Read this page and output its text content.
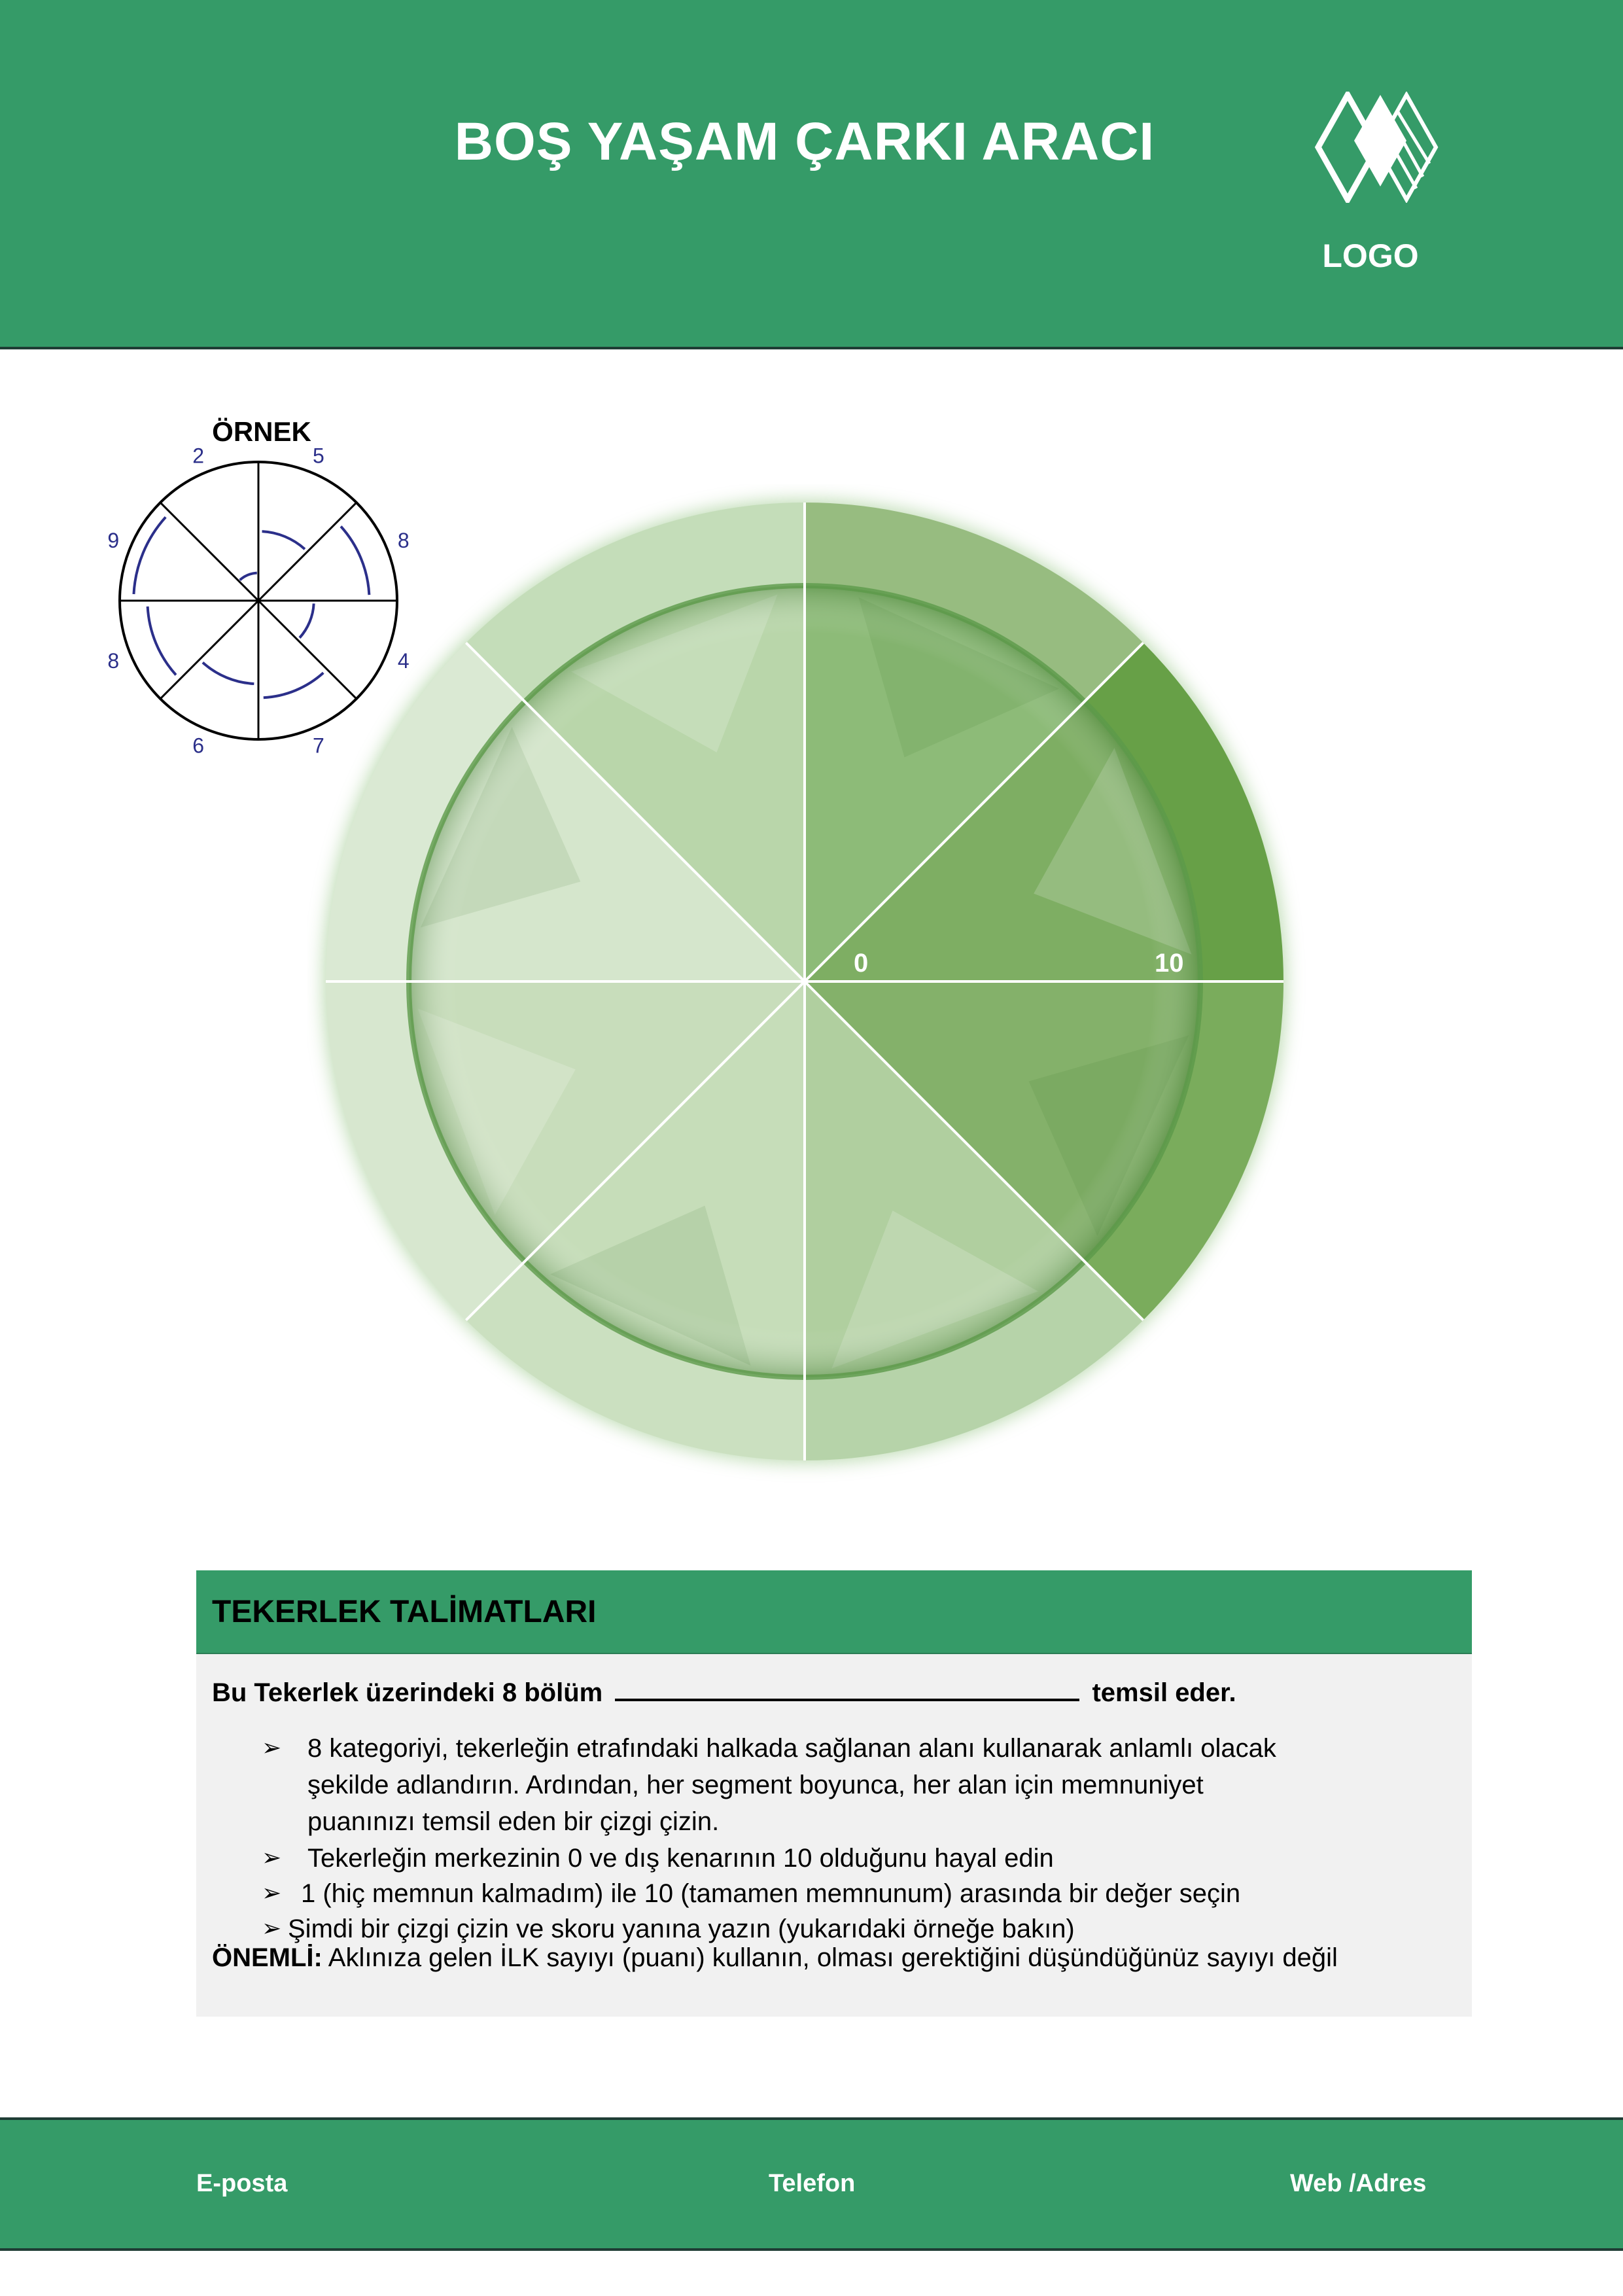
BOŞ YAŞAM ÇARKI ARACI
LOGO
ÖRNEK
5
8
4
7
6
8
9
2
0	10
TEKERLEK TALİMATLARI
Bu Tekerlek üzerindeki 8 bölüm	temsil eder.
➢ 8 kategoriyi, tekerleğin etrafındaki halkada sağlanan alanı kullanarak anlamlı olacak
şekilde adlandırın. Ardından, her segment boyunca, her alan için memnuniyet
puanınızı temsil eden bir çizgi çizin.
➢ Tekerleğin merkezinin 0 ve dış kenarının 10 olduğunu hayal edin
➢ 1 (hiç memnun kalmadım) ile 10 (tamamen memnunum) arasında bir değer seçin
➢ Şimdi bir çizgi çizin ve skoru yanına yazın (yukarıdaki örneğe bakın)
ÖNEMLİ: Aklınıza gelen İLK sayıyı (puanı) kullanın, olması gerektiğini düşündüğünüz sayıyı değil
E-posta	Telefon	Web /Adres
